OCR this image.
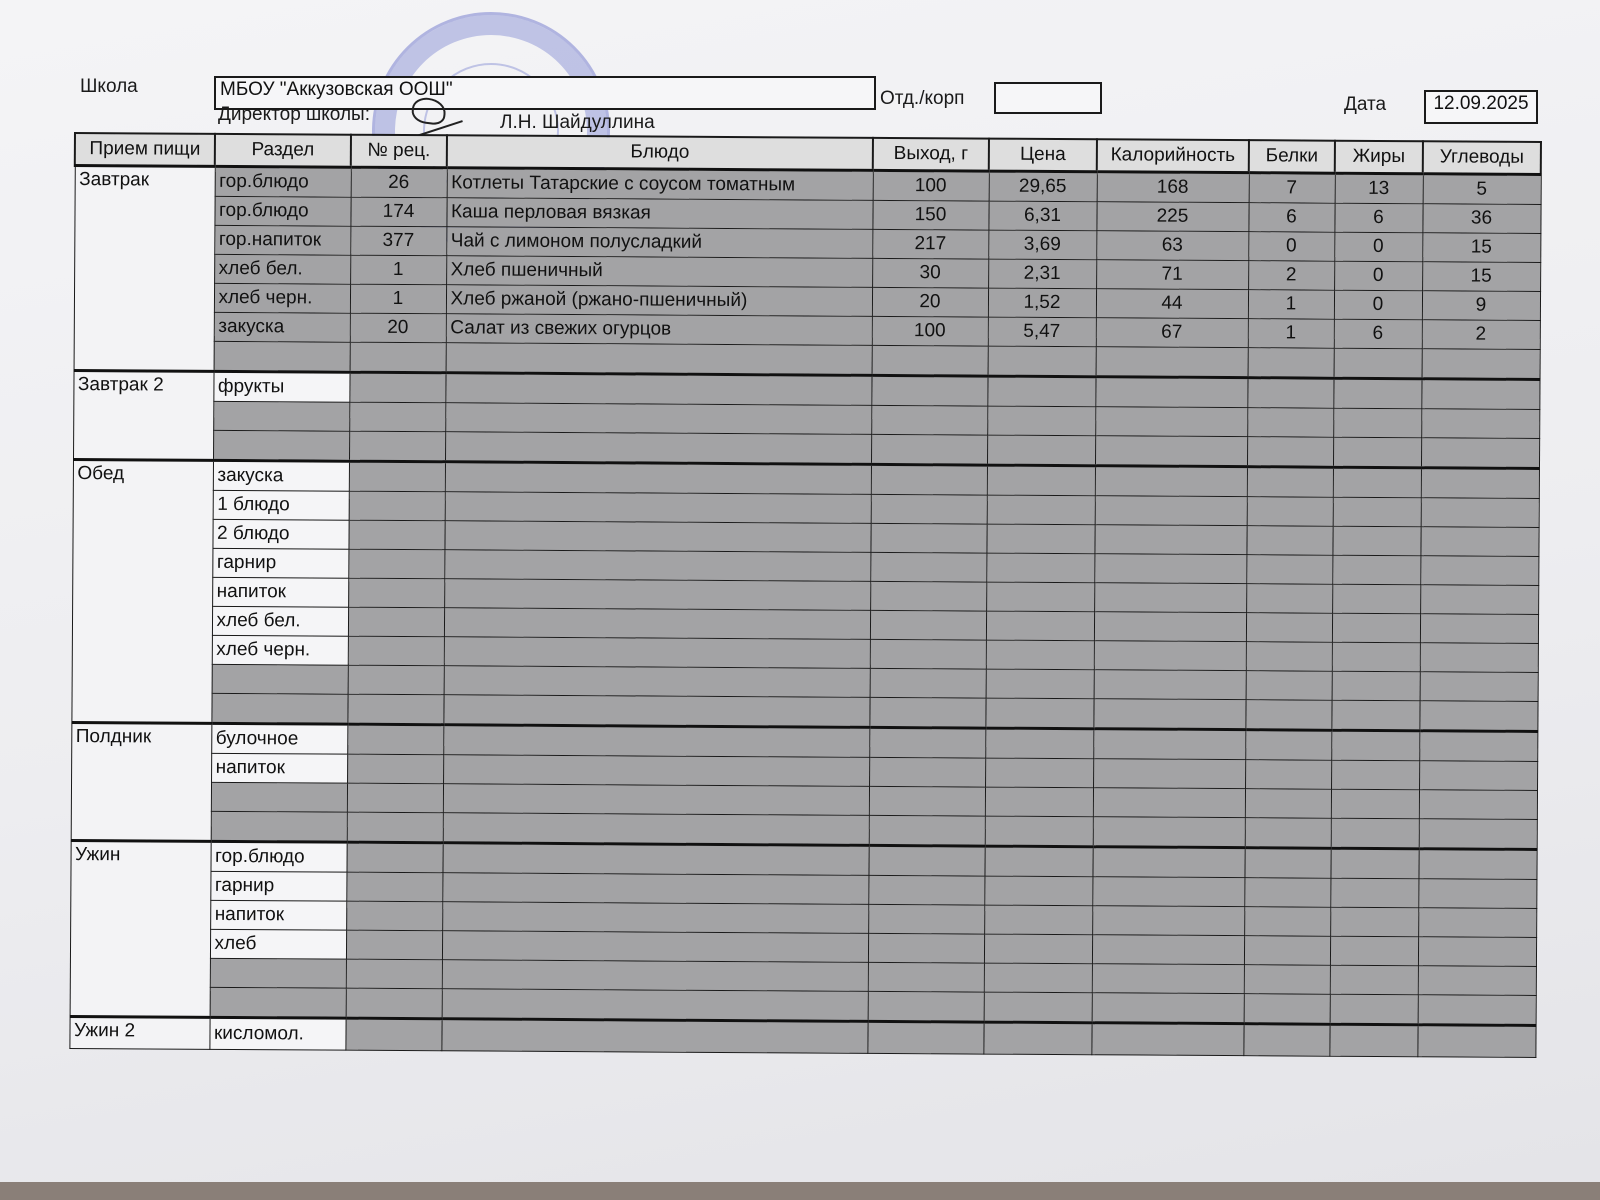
Школа	МБОУ "Аккузовская ООШ"
Директор школы:	Л.Н. Шайдуллина
Отд./корп	Дата	12.09.2025
Прием пищи	Раздел	№ рец.	Блюдо	Выход, г	Цена	Калорийность	Белки	Жиры	Углеводы
Завтрак	гор.блюдо	26	Котлеты Татарские с соусом томатным	100	29,65	168	7	13	5
	гор.блюдо	174	Каша перловая вязкая	150	6,31	225	6	6	36
	гор.напиток	377	Чай с лимоном полусладкий	217	3,69	63	0	0	15
	хлеб бел.	1	Хлеб пшеничный	30	2,31	71	2	0	15
	хлеб черн.	1	Хлеб ржаной (ржано-пшеничный)	20	1,52	44	1	0	9
	закуска	20	Салат из свежих огурцов	100	5,47	67	1	6	2

Завтрак 2	фрукты								

Обед	закуска								
	1 блюдо								
	2 блюдо								
	гарнир								
	напиток								
	хлеб бел.								
	хлеб черн.								

Полдник	булочное								
	напиток								

Ужин	гор.блюдо								
	гарнир								
	напиток								
	хлеб								

Ужин 2	кисломол.								
